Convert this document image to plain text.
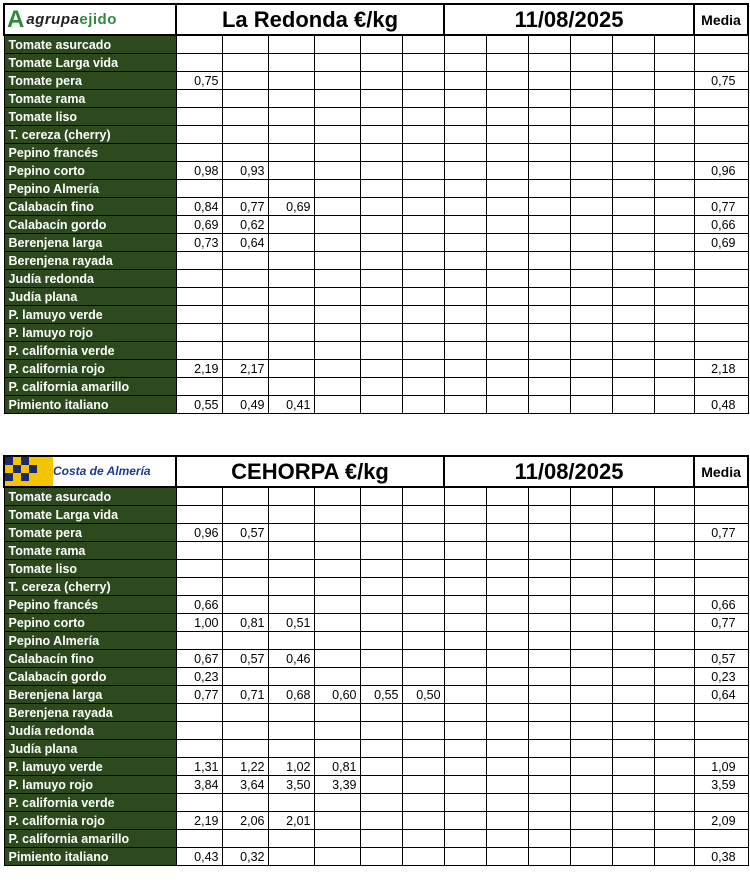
A agrupaejido	La Redonda €/kg						11/08/2025						Media
Tomate asurcado													
Tomate Larga vida													
Tomate pera	0,75												0,75
Tomate rama													
Tomate liso													
T. cereza (cherry)													
Pepino francés													
Pepino corto	0,98	0,93											0,96
Pepino Almería													
Calabacín fino	0,84	0,77	0,69										0,77
Calabacín gordo	0,69	0,62											0,66
Berenjena larga	0,73	0,64											0,69
Berenjena rayada													
Judía redonda													
Judía plana													
P. lamuyo verde													
P. lamuyo rojo													
P. california verde													
P. california rojo	2,19	2,17											2,18
P. california amarillo													
Pimiento italiano	0,55	0,49	0,41										0,48
Costa de Almería	CEHORPA €/kg						11/08/2025						Media
Tomate asurcado													
Tomate Larga vida													
Tomate pera	0,96	0,57											0,77
Tomate rama													
Tomate liso													
T. cereza (cherry)													
Pepino francés	0,66												0,66
Pepino corto	1,00	0,81	0,51										0,77
Pepino Almería													
Calabacín fino	0,67	0,57	0,46										0,57
Calabacín gordo	0,23												0,23
Berenjena larga	0,77	0,71	0,68	0,60	0,55	0,50							0,64
Berenjena rayada													
Judía redonda													
Judía plana													
P. lamuyo verde	1,31	1,22	1,02	0,81									1,09
P. lamuyo rojo	3,84	3,64	3,50	3,39									3,59
P. california verde													
P. california rojo	2,19	2,06	2,01										2,09
P. california amarillo													
Pimiento italiano	0,43	0,32											0,38
